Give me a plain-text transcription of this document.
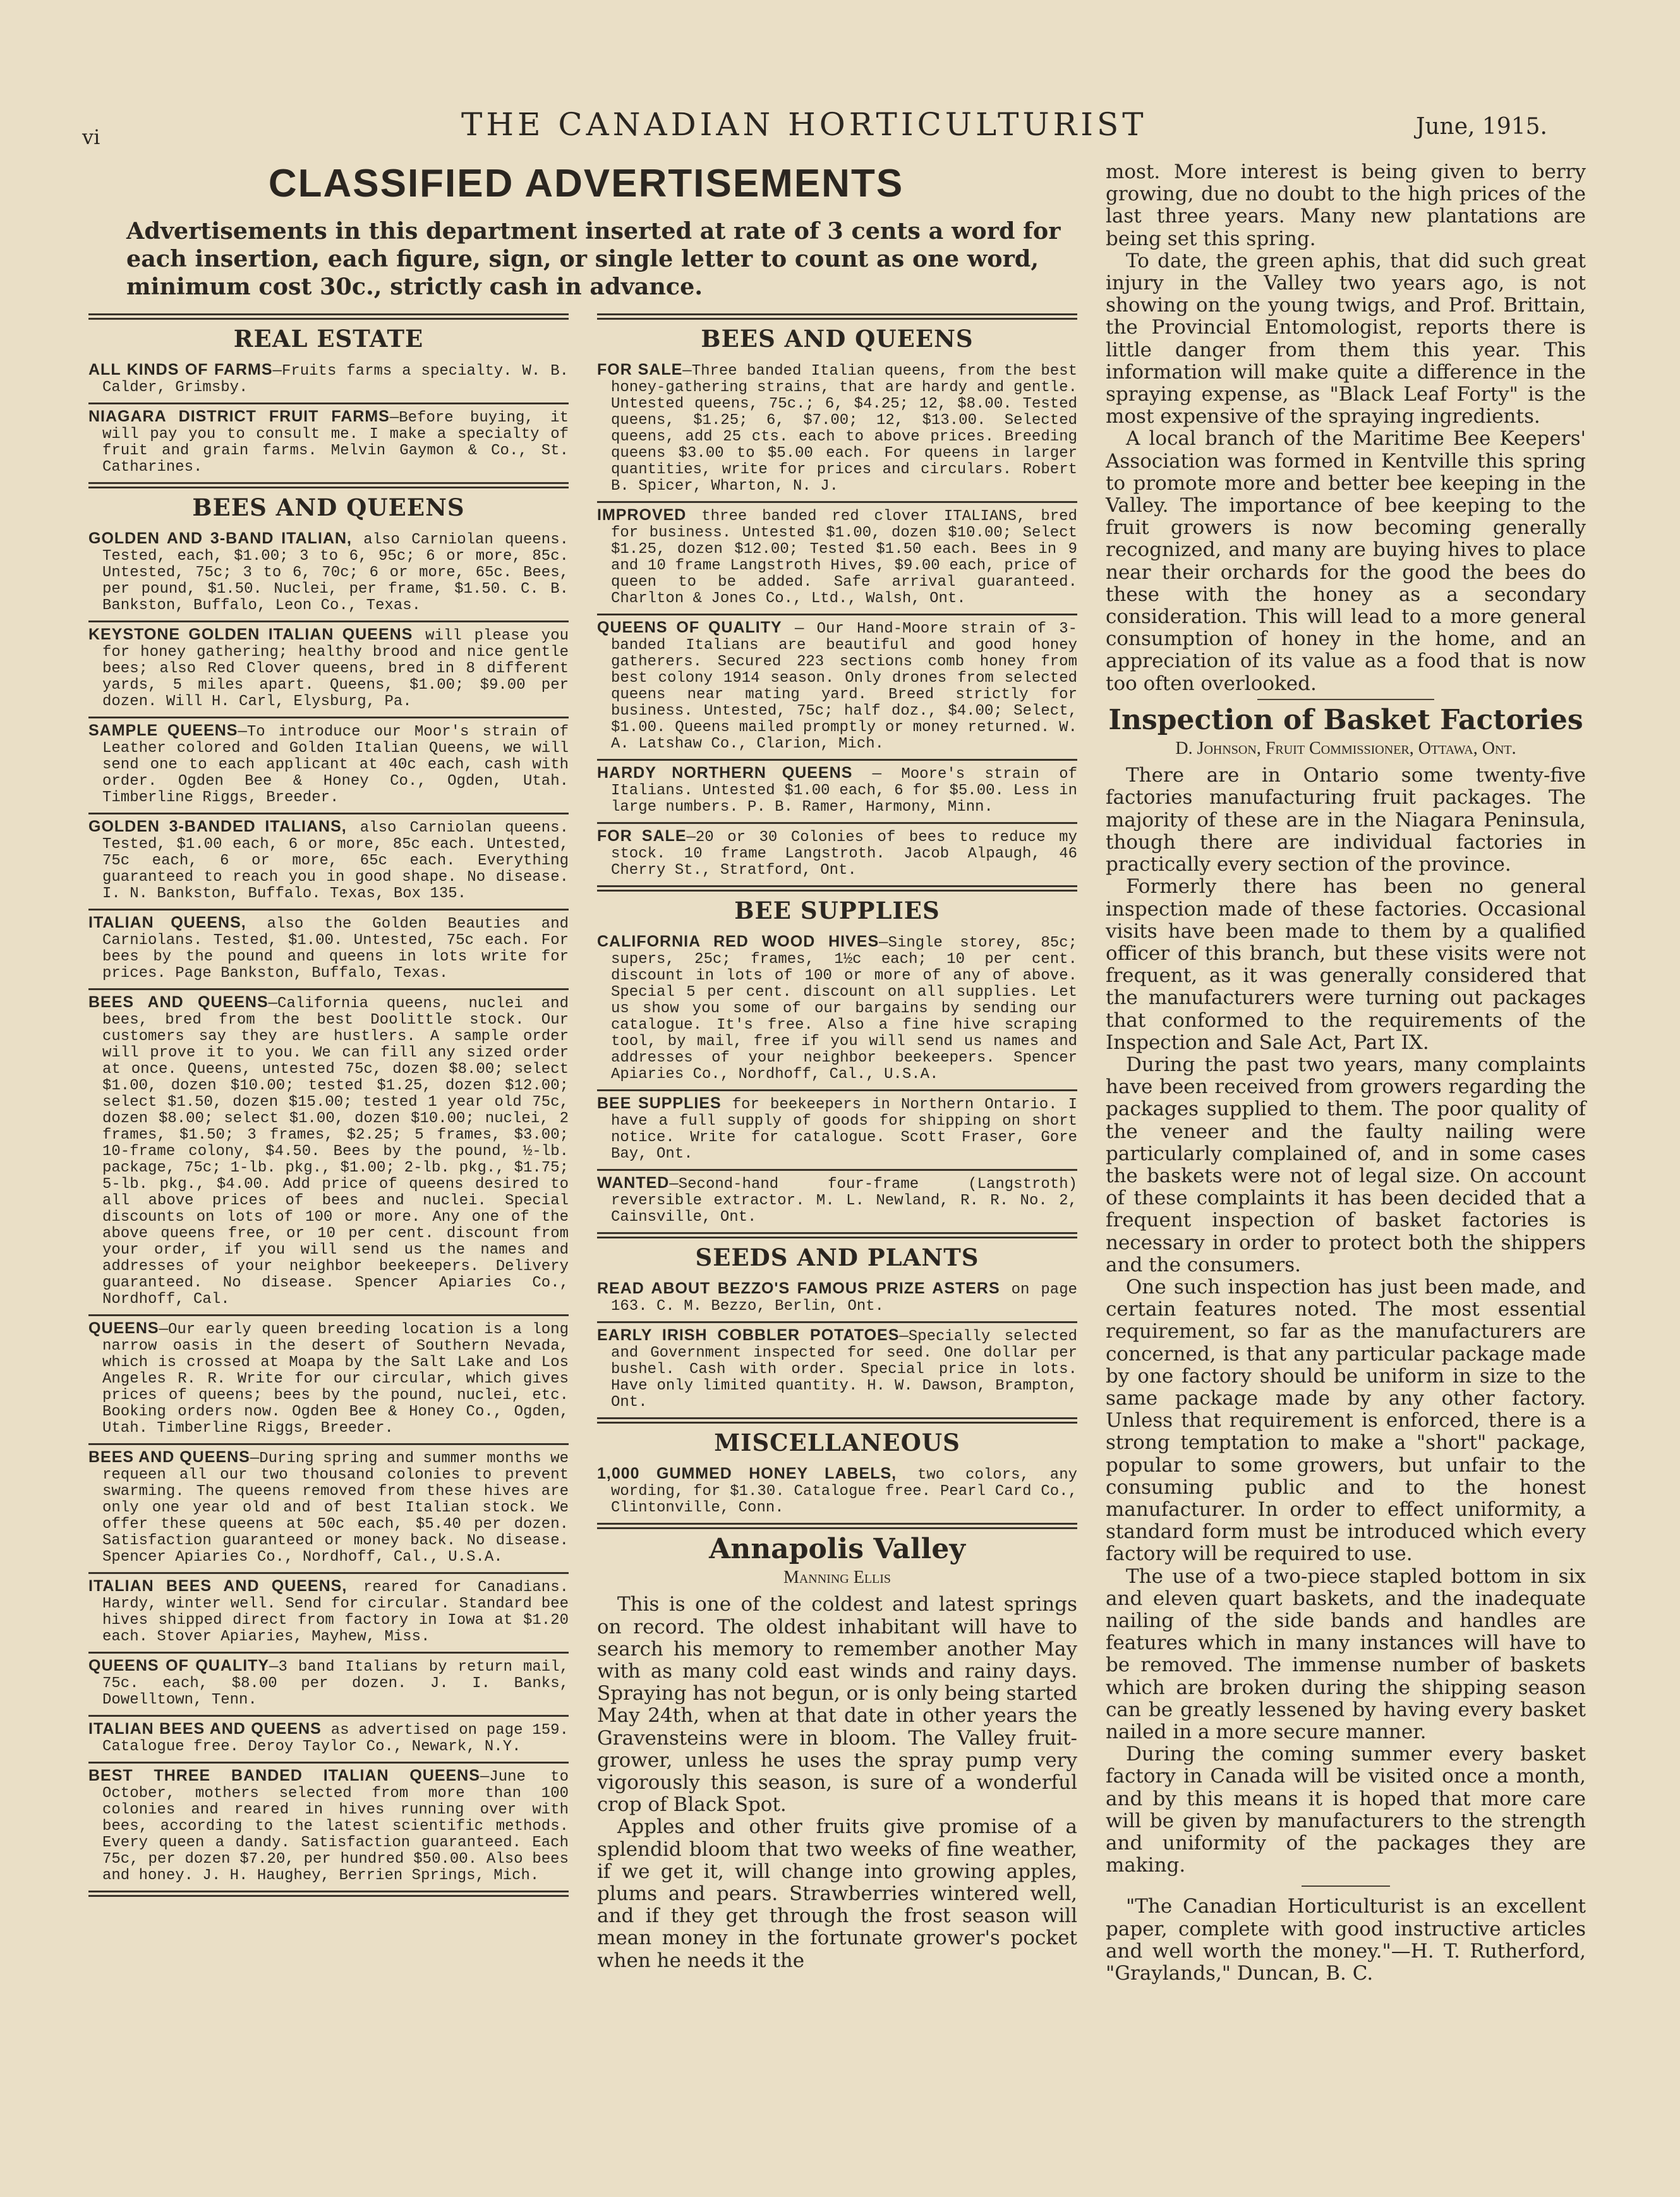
vi	THE CANADIAN HORTICULTURIST	June, 1915.
CLASSIFIED ADVERTISEMENTS

Advertisements in this department inserted at rate of 3 cents a word for each insertion, each figure, sign, or single letter to count as one word, minimum cost 30c., strictly cash in advance.

REAL ESTATE

ALL KINDS OF FARMS—Fruits farms a specialty. W. B. Calder, Grimsby.

NIAGARA DISTRICT FRUIT FARMS—Before buying, it will pay you to consult me. I make a specialty of fruit and grain farms. Melvin Gaymon & Co., St. Catharines.

BEES AND QUEENS

GOLDEN AND 3-BAND ITALIAN, also Carniolan queens. Tested, each, $1.00; 3 to 6, 95c; 6 or more, 85c. Untested, 75c; 3 to 6, 70c; 6 or more, 65c. Bees, per pound, $1.50. Nuclei, per frame, $1.50. C. B. Bankston, Buffalo, Leon Co., Texas.

KEYSTONE GOLDEN ITALIAN QUEENS will please you for honey gathering; healthy brood and nice gentle bees; also Red Clover queens, bred in 8 different yards, 5 miles apart. Queens, $1.00; $9.00 per dozen. Will H. Carl, Elysburg, Pa.

SAMPLE QUEENS—To introduce our Moor's strain of Leather colored and Golden Italian Queens, we will send one to each applicant at 40c each, cash with order. Ogden Bee & Honey Co., Ogden, Utah. Timberline Riggs, Breeder.

GOLDEN 3-BANDED ITALIANS, also Carniolan queens. Tested, $1.00 each, 6 or more, 85c each. Untested, 75c each, 6 or more, 65c each. Everything guaranteed to reach you in good shape. No disease. I. N. Bankston, Buffalo. Texas, Box 135.

ITALIAN QUEENS, also the Golden Beauties and Carniolans. Tested, $1.00. Untested, 75c each. For bees by the pound and queens in lots write for prices. Page Bankston, Buffalo, Texas.

BEES AND QUEENS—California queens, nuclei and bees, bred from the best Doolittle stock. Our customers say they are hustlers. A sample order will prove it to you. We can fill any sized order at once. Queens, untested 75c, dozen $8.00; select $1.00, dozen $10.00; tested $1.25, dozen $12.00; select $1.50, dozen $15.00; tested 1 year old 75c, dozen $8.00; select $1.00, dozen $10.00; nuclei, 2 frames, $1.50; 3 frames, $2.25; 5 frames, $3.00; 10-frame colony, $4.50. Bees by the pound, ½-lb. package, 75c; 1-lb. pkg., $1.00; 2-lb. pkg., $1.75; 5-lb. pkg., $4.00. Add price of queens desired to all above prices of bees and nuclei. Special discounts on lots of 100 or more. Any one of the above queens free, or 10 per cent. discount from your order, if you will send us the names and addresses of your neighbor beekeepers. Delivery guaranteed. No disease. Spencer Apiaries Co., Nordhoff, Cal.

QUEENS—Our early queen breeding location is a long narrow oasis in the desert of Southern Nevada, which is crossed at Moapa by the Salt Lake and Los Angeles R. R. Write for our circular, which gives prices of queens; bees by the pound, nuclei, etc. Booking orders now. Ogden Bee & Honey Co., Ogden, Utah. Timberline Riggs, Breeder.

BEES AND QUEENS—During spring and summer months we requeen all our two thousand colonies to prevent swarming. The queens removed from these hives are only one year old and of best Italian stock. We offer these queens at 50c each, $5.40 per dozen. Satisfaction guaranteed or money back. No disease. Spencer Apiaries Co., Nordhoff, Cal., U.S.A.

ITALIAN BEES AND QUEENS, reared for Canadians. Hardy, winter well. Send for circular. Standard bee hives shipped direct from factory in Iowa at $1.20 each. Stover Apiaries, Mayhew, Miss.

QUEENS OF QUALITY—3 band Italians by return mail, 75c. each, $8.00 per dozen. J. I. Banks, Dowelltown, Tenn.

ITALIAN BEES AND QUEENS as advertised on page 159. Catalogue free. Deroy Taylor Co., Newark, N.Y.

BEST THREE BANDED ITALIAN QUEENS—June to October, mothers selected from more than 100 colonies and reared in hives running over with bees, according to the latest scientific methods. Every queen a dandy. Satisfaction guaranteed. Each 75c, per dozen $7.20, per hundred $50.00. Also bees and honey. J. H. Haughey, Berrien Springs, Mich.

BEES AND QUEENS

FOR SALE—Three banded Italian queens, from the best honey-gathering strains, that are hardy and gentle. Untested queens, 75c.; 6, $4.25; 12, $8.00. Tested queens, $1.25; 6, $7.00; 12, $13.00. Selected queens, add 25 cts. each to above prices. Breeding queens $3.00 to $5.00 each. For queens in larger quantities, write for prices and circulars. Robert B. Spicer, Wharton, N. J.

IMPROVED three banded red clover ITALIANS, bred for business. Untested $1.00, dozen $10.00; Select $1.25, dozen $12.00; Tested $1.50 each. Bees in 9 and 10 frame Langstroth Hives, $9.00 each, price of queen to be added. Safe arrival guaranteed. Charlton & Jones Co., Ltd., Walsh, Ont.

QUEENS OF QUALITY — Our Hand-Moore strain of 3-banded Italians are beautiful and good honey gatherers. Secured 223 sections comb honey from best colony 1914 season. Only drones from selected queens near mating yard. Breed strictly for business. Untested, 75c; half doz., $4.00; Select, $1.00. Queens mailed promptly or money returned. W. A. Latshaw Co., Clarion, Mich.

HARDY NORTHERN QUEENS — Moore's strain of Italians. Untested $1.00 each, 6 for $5.00. Less in large numbers. P. B. Ramer, Harmony, Minn.

FOR SALE—20 or 30 Colonies of bees to reduce my stock. 10 frame Langstroth. Jacob Alpaugh, 46 Cherry St., Stratford, Ont.

BEE SUPPLIES

CALIFORNIA RED WOOD HIVES—Single storey, 85c; supers, 25c; frames, 1½c each; 10 per cent. discount in lots of 100 or more of any of above. Special 5 per cent. discount on all supplies. Let us show you some of our bargains by sending our catalogue. It's free. Also a fine hive scraping tool, by mail, free if you will send us names and addresses of your neighbor beekeepers. Spencer Apiaries Co., Nordhoff, Cal., U.S.A.

BEE SUPPLIES for beekeepers in Northern Ontario. I have a full supply of goods for shipping on short notice. Write for catalogue. Scott Fraser, Gore Bay, Ont.

WANTED—Second-hand four-frame (Langstroth) reversible extractor. M. L. Newland, R. R. No. 2, Cainsville, Ont.

SEEDS AND PLANTS

READ ABOUT BEZZO'S FAMOUS PRIZE ASTERS on page 163. C. M. Bezzo, Berlin, Ont.

EARLY IRISH COBBLER POTATOES—Specially selected and Government inspected for seed. One dollar per bushel. Cash with order. Special price in lots. Have only limited quantity. H. W. Dawson, Brampton, Ont.

MISCELLANEOUS

1,000 GUMMED HONEY LABELS, two colors, any wording, for $1.30. Catalogue free. Pearl Card Co., Clintonville, Conn.

Annapolis Valley
Manning Ellis

This is one of the coldest and latest springs on record. The oldest inhabitant will have to search his memory to remember another May with as many cold east winds and rainy days. Spraying has not begun, or is only being started May 24th, when at that date in other years the Gravensteins were in bloom. The Valley fruit-grower, unless he uses the spray pump very vigorously this season, is sure of a wonderful crop of Black Spot.

Apples and other fruits give promise of a splendid bloom that two weeks of fine weather, if we get it, will change into growing apples, plums and pears. Strawberries wintered well, and if they get through the frost season will mean money in the fortunate grower's pocket when he needs it the

most. More interest is being given to berry growing, due no doubt to the high prices of the last three years. Many new plantations are being set this spring.

To date, the green aphis, that did such great injury in the Valley two years ago, is not showing on the young twigs, and Prof. Brittain, the Provincial Entomologist, reports there is little danger from them this year. This information will make quite a difference in the spraying expense, as "Black Leaf Forty" is the most expensive of the spraying ingredients.

A local branch of the Maritime Bee Keepers' Association was formed in Kentville this spring to promote more and better bee keeping in the Valley. The importance of bee keeping to the fruit growers is now becoming generally recognized, and many are buying hives to place near their orchards for the good the bees do these with the honey as a secondary consideration. This will lead to a more general consumption of honey in the home, and an appreciation of its value as a food that is now too often overlooked.

Inspection of Basket Factories
D. Johnson, Fruit Commissioner, Ottawa, Ont.

There are in Ontario some twenty-five factories manufacturing fruit packages. The majority of these are in the Niagara Peninsula, though there are individual factories in practically every section of the province.

Formerly there has been no general inspection made of these factories. Occasional visits have been made to them by a qualified officer of this branch, but these visits were not frequent, as it was generally considered that the manufacturers were turning out packages that conformed to the requirements of the Inspection and Sale Act, Part IX.

During the past two years, many complaints have been received from growers regarding the packages supplied to them. The poor quality of the veneer and the faulty nailing were particularly complained of, and in some cases the baskets were not of legal size. On account of these complaints it has been decided that a frequent inspection of basket factories is necessary in order to protect both the shippers and the consumers.

One such inspection has just been made, and certain features noted. The most essential requirement, so far as the manufacturers are concerned, is that any particular package made by one factory should be uniform in size to the same package made by any other factory. Unless that requirement is enforced, there is a strong temptation to make a "short" package, popular to some growers, but unfair to the consuming public and to the honest manufacturer. In order to effect uniformity, a standard form must be introduced which every factory will be required to use.

The use of a two-piece stapled bottom in six and eleven quart baskets, and the inadequate nailing of the side bands and handles are features which in many instances will have to be removed. The immense number of baskets which are broken during the shipping season can be greatly lessened by having every basket nailed in a more secure manner.

During the coming summer every basket factory in Canada will be visited once a month, and by this means it is hoped that more care will be given by manufacturers to the strength and uniformity of the packages they are making.

"The Canadian Horticulturist is an excellent paper, complete with good instructive articles and well worth the money."—H. T. Rutherford, "Graylands," Duncan, B. C.
